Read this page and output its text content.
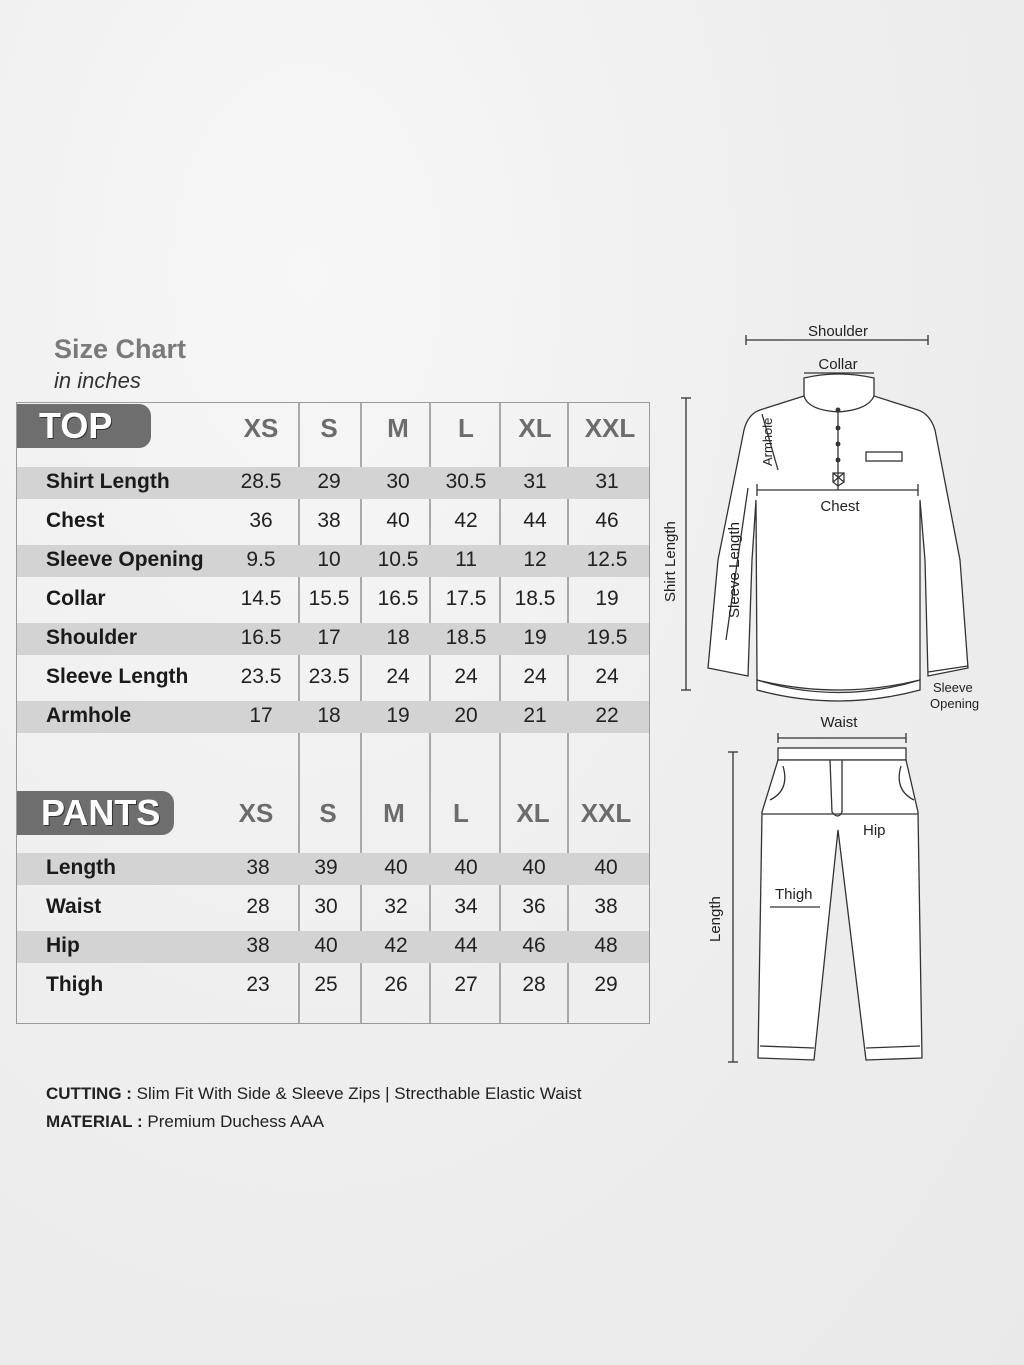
Size Chart
in inches
TOP	XS	S	M	L	XL	XXL
Shirt Length	28.5	29	30	30.5	31	31
Chest	36	38	40	42	44	46
Sleeve Opening	9.5	10	10.5	11	12	12.5
Collar	14.5	15.5	16.5	17.5	18.5	19
Shoulder	16.5	17	18	18.5	19	19.5
Sleeve Length	23.5	23.5	24	24	24	24
Armhole	17	18	19	20	21	22
PANTS	XS	S	M	L	XL	XXL
Length	38	39	40	40	40	40
Waist	28	30	32	34	36	38
Hip	38	40	42	44	46	48
Thigh	23	25	26	27	28	29
CUTTING : Slim Fit With Side & Sleeve Zips | Strecthable Elastic Waist
MATERIAL : Premium Duchess AAA
Shoulder
Collar
Armhole
Chest
Shirt Length	Sleeve Length
Sleeve
Opening
Waist
Hip
Thigh
Length
